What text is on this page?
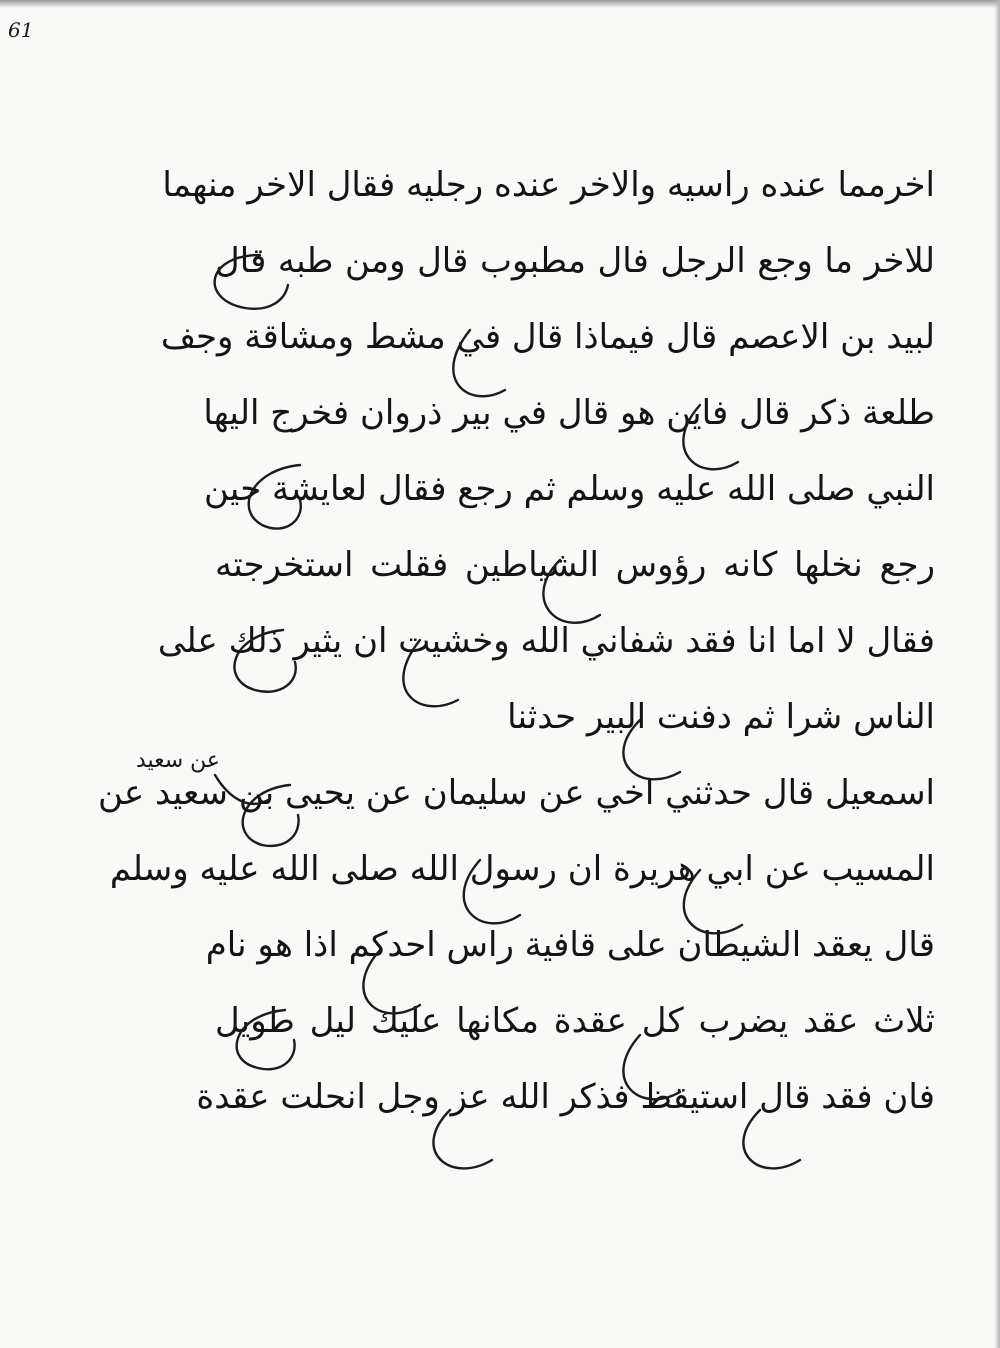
61
عن سعيد
اخرمما عنده راسيه والاخر عنده رجليه فقال الاخر منهما
للاخر ما وجع الرجل فال مطبوب قال ومن طبه قال
لبيد بن الاعصم قال فيماذا قال في مشط ومشاقة وجف
طلعة ذكر قال فاين هو قال في بير ذروان فخرج اليها
النبي صلى الله عليه وسلم ثم رجع فقال لعايشة حين
رجع نخلها كانه رؤوس الشياطين فقلت استخرجته
فقال لا اما انا فقد شفاني الله وخشيت ان يثير ذلك على
الناس شرا ثم دفنت البير حدثنا
اسمعيل قال حدثني اخي عن سليمان عن يحيى بن سعيد عن
المسيب عن ابي هريرة ان رسول الله صلى الله عليه وسلم
قال يعقد الشيطان على قافية راس احدكم اذا هو نام
ثلاث عقد يضرب كل عقدة مكانها عليك ليل طويل
فان فقد قال استيقظ فذكر الله عز وجل انحلت عقدة
